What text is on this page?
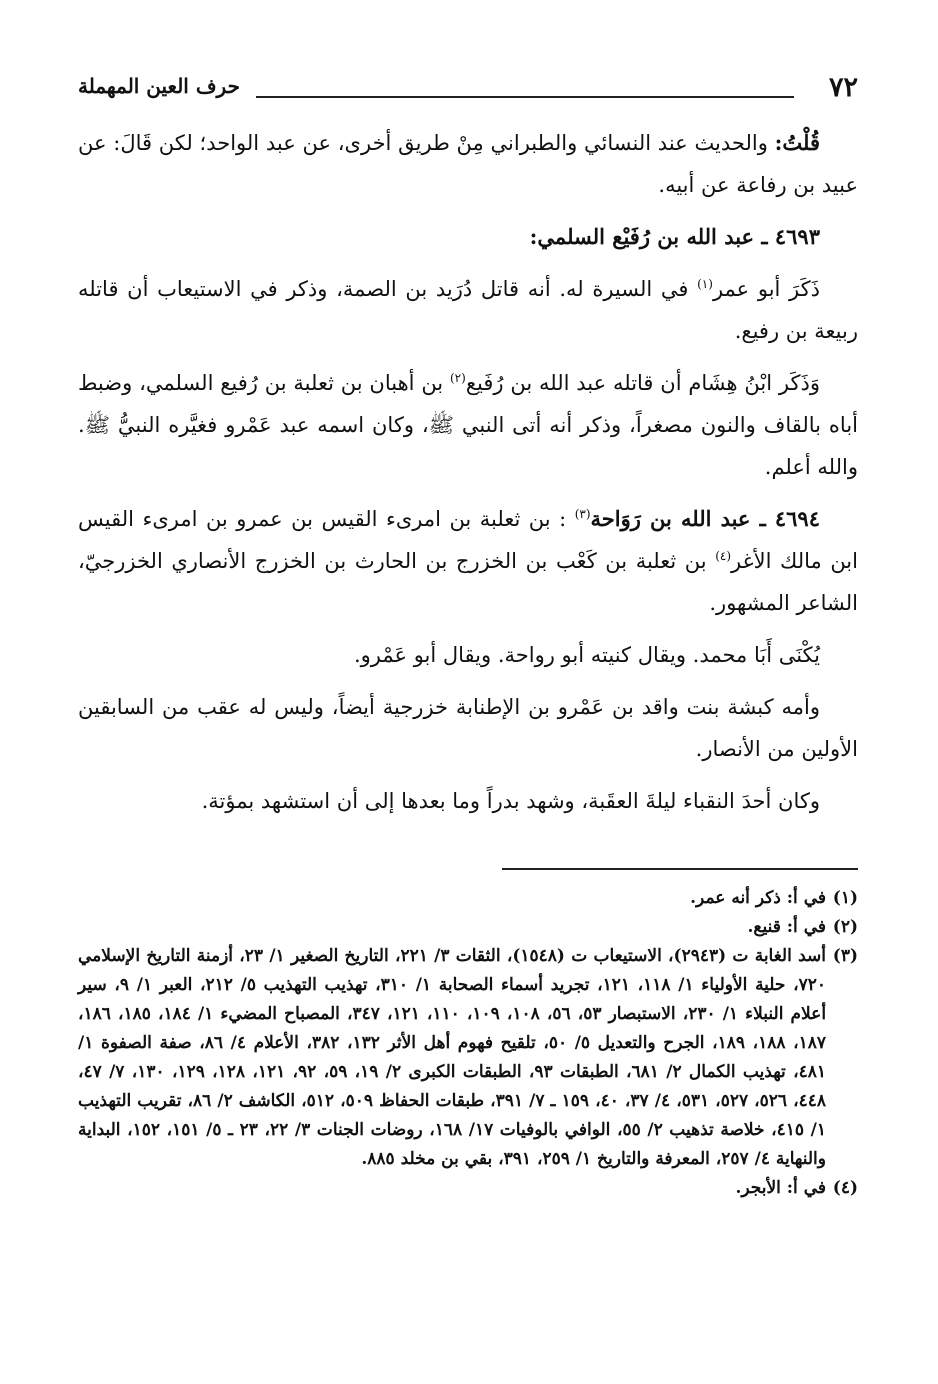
٧٢
حرف العين المهملة

قُلْتُ: والحديث عند النسائي والطبراني مِنْ طريق أخرى، عن عبد الواحد؛ لكن قَالَ: عن عبيد بن رفاعة عن أبيه.

٤٦٩٣ ـ عبد الله بن رُفَيْع السلمي:

ذَكَرَ أبو عمر$^{(١)}$ في السيرة له. أنه قاتل دُرَيد بن الصمة، وذكر في الاستيعاب أن قاتله ربيعة بن رفيع.

وَذَكَر ابْنُ هِشَام أن قاتله عبد الله بن رُفَيع$^{(٢)}$ بن أهبان بن ثعلبة بن رُفيع السلمي، وضبط أباه بالقاف والنون مصغراً، وذكر أنه أتى النبي ﷺ، وكان اسمه عبد عَمْرو فغيَّره النبيُّ ﷺ. والله أعلم.

٤٦٩٤ ـ عبد الله بن رَوَاحة$^{(٣)}$ : بن ثعلبة بن امرىء القيس بن عمرو بن امرىء القيس ابن مالك الأغر$^{(٤)}$ بن ثعلبة بن كَعْب بن الخزرج بن الحارث بن الخزرج الأنصاري الخزرجيّ، الشاعر المشهور.

يُكْنَى أَبَا محمد. ويقال كنيته أبو رواحة. ويقال أبو عَمْرو.

وأمه كبشة بنت واقد بن عَمْرو بن الإطنابة خزرجية أيضاً، وليس له عقب من السابقين الأولين من الأنصار.

وكان أحدَ النقباء ليلةَ العقَبة، وشهد بدراً وما بعدها إلى أن استشهد بمؤتة.

(١)
في أ: ذكر أنه عمر.

(٢)
في أ: قنيع.

(٣)
أسد الغابة ت (٢٩٤٣)، الاستيعاب ت (١٥٤٨)، الثقات ٣/ ٢٢١، التاريخ الصغير ١/ ٢٣، أزمنة التاريخ الإسلامي ٧٢٠، حلية الأولياء ١/ ١١٨، ١٢١، تجريد أسماء الصحابة ١/ ٣١٠، تهذيب التهذيب ٥/ ٢١٢، العبر ١/ ٩، سير أعلام النبلاء ١/ ٢٣٠، الاستبصار ٥٣، ٥٦، ١٠٨، ١٠٩، ١١٠، ١٢١، ٣٤٧، المصباح المضيء ١/ ١٨٤، ١٨٥، ١٨٦، ١٨٧، ١٨٨، ١٨٩، الجرح والتعديل ٥/ ٥٠، تلقيح فهوم أهل الأثر ١٣٢، ٣٨٢، الأعلام ٤/ ٨٦، صفة الصفوة ١/ ٤٨١، تهذيب الكمال ٢/ ٦٨١، الطبقات ٩٣، الطبقات الكبرى ٢/ ١٩، ٥٩، ٩٢، ١٢١، ١٢٨، ١٢٩، ١٣٠، ٧/ ٤٧، ٤٤٨، ٥٢٦، ٥٢٧، ٥٣١، ٤/ ٣٧، ٤٠، ١٥٩ ـ ٧/ ٣٩١، طبقات الحفاظ ٥٠٩، ٥١٢، الكاشف ٢/ ٨٦، تقريب التهذيب ١/ ٤١٥، خلاصة تذهيب ٢/ ٥٥، الوافي بالوفيات ١٧/ ١٦٨، روضات الجنات ٣/ ٢٢، ٢٣ ـ ٥/ ١٥١، ١٥٢، البداية والنهاية ٤/ ٢٥٧، المعرفة والتاريخ ١/ ٢٥٩، ٣٩١، بقي بن مخلد ٨٨٥.

(٤)
في أ: الأبجر.
